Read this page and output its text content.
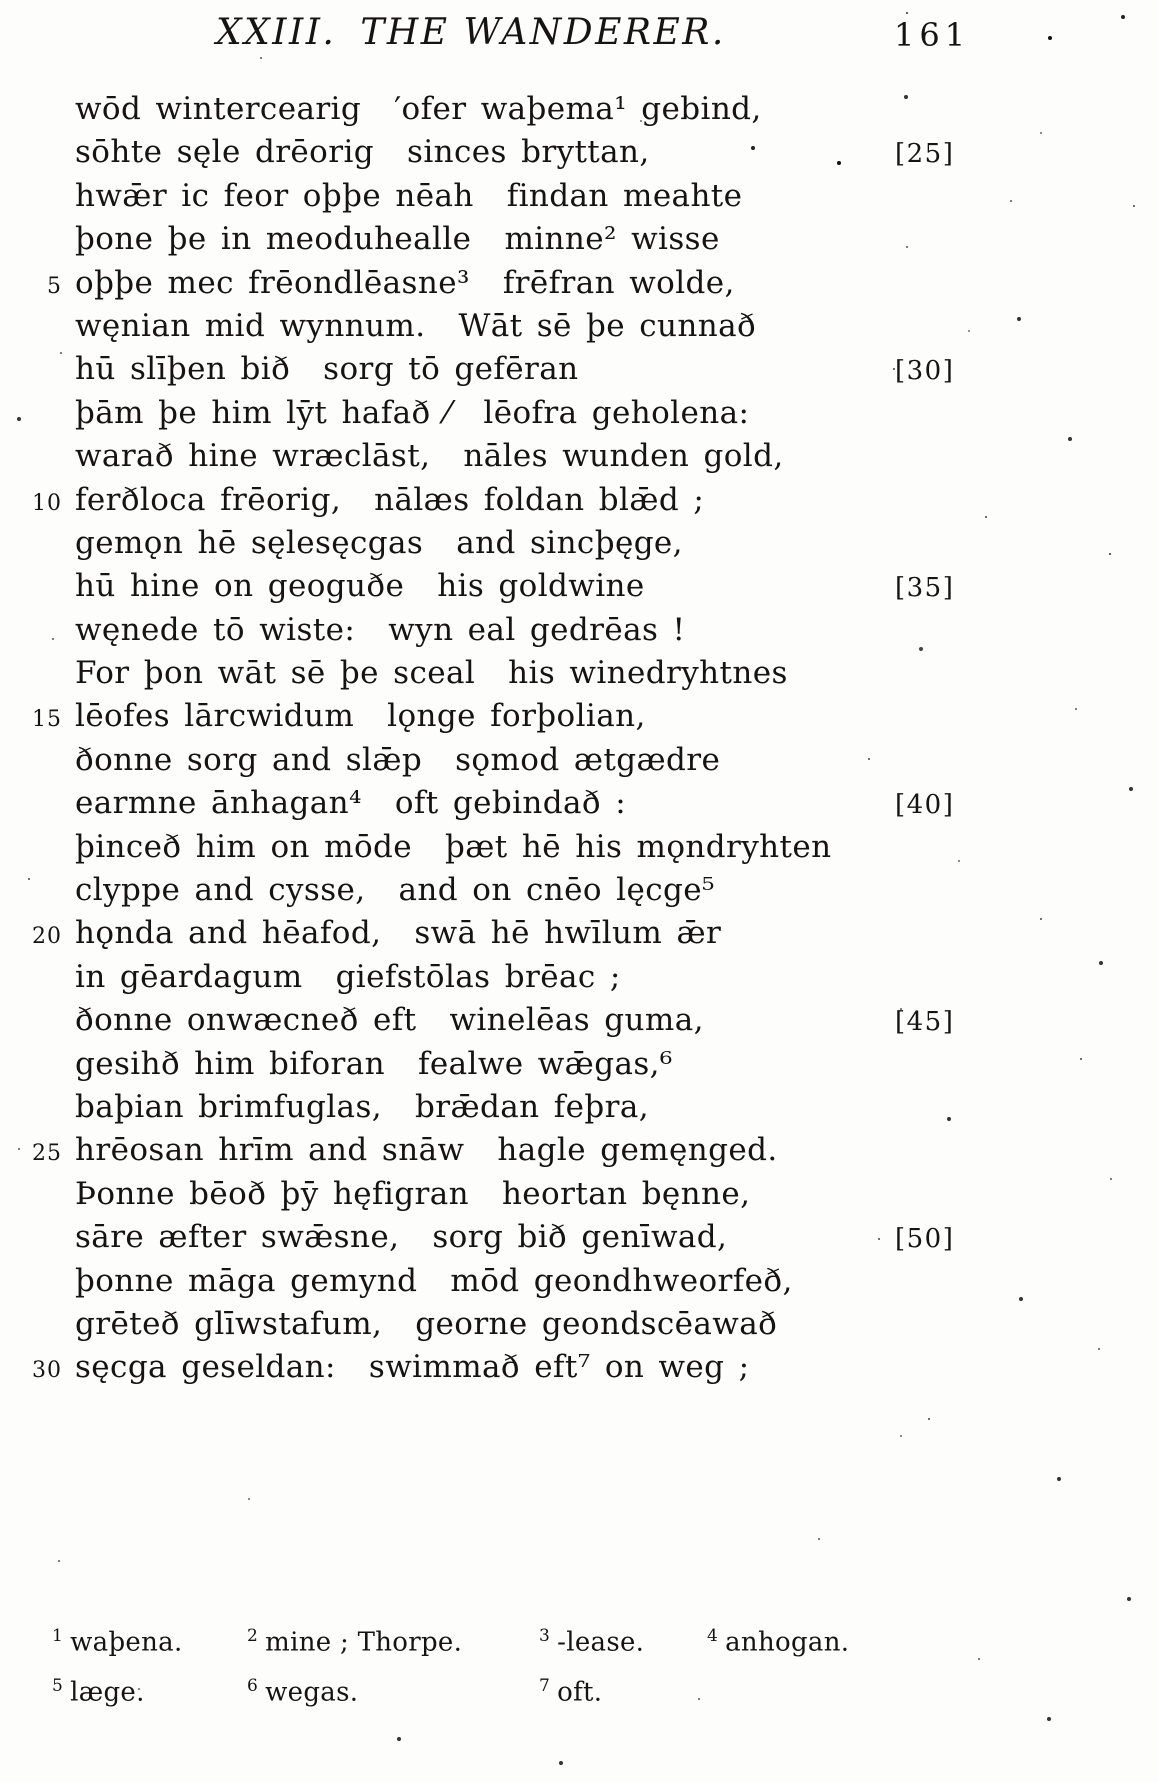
XXIII. THE WANDERER.	161
wōd wintercearig ′ofer waþema¹ gebind,
sōhte sęle drēorig sinces bryttan,	[25]
hwǣr ic feor oþþe nēah findan meahte
þone þe in meoduhealle minne² wisse
5 oþþe mec frēondlēasne³ frēfran wolde,
węnian mid wynnum. Wāt sē þe cunnað
hū slīþen bið sorg tō gefēran	[30]
þām þe him lȳt hafað ⁄ lēofra geholena:
warað hine wræclāst, nāles wunden gold,
10 ferðloca frēorig, nālæs foldan blǣd ;
gemǫn hē sęlesęcgas and sincþęge,
hū hine on geoguðe his goldwine	[35]
węnede tō wiste: wyn eal gedrēas !
For þon wāt sē þe sceal his winedryhtnes
15 lēofes lārcwidum lǫnge forþolian,
ðonne sorg and slǣp sǫmod ætgædre
earmne ānhagan⁴ oft gebindað :	[40]
þinceð him on mōde þæt hē his mǫndryhten
clyppe and cysse, and on cnēo lęcge⁵
20 hǫnda and hēafod, swā hē hwīlum ǣr
in gēardagum giefstōlas brēac ;
ðonne onwæcneð eft winelēas guma,	[45]
gesihð him biforan fealwe wǣgas,⁶
baþian brimfuglas, brǣdan feþra,
25 hrēosan hrīm and snāw hagle gemęnged.
Þonne bēoð þȳ hęfigran heortan bęnne,
sāre æfter swǣsne, sorg bið genīwad,	[50]
þonne māga gemynd mōd geondhweorfeð,
grēteð glīwstafum, georne geondscēawað
30 sęcga geseldan: swimmað eft⁷ on weg ;
$^1$ waþena.	$^2$ mine ; Thorpe.	$^3$ -lease.	$^4$ anhogan.
$^5$ læge.	$^6$ wegas.	$^7$ oft.
